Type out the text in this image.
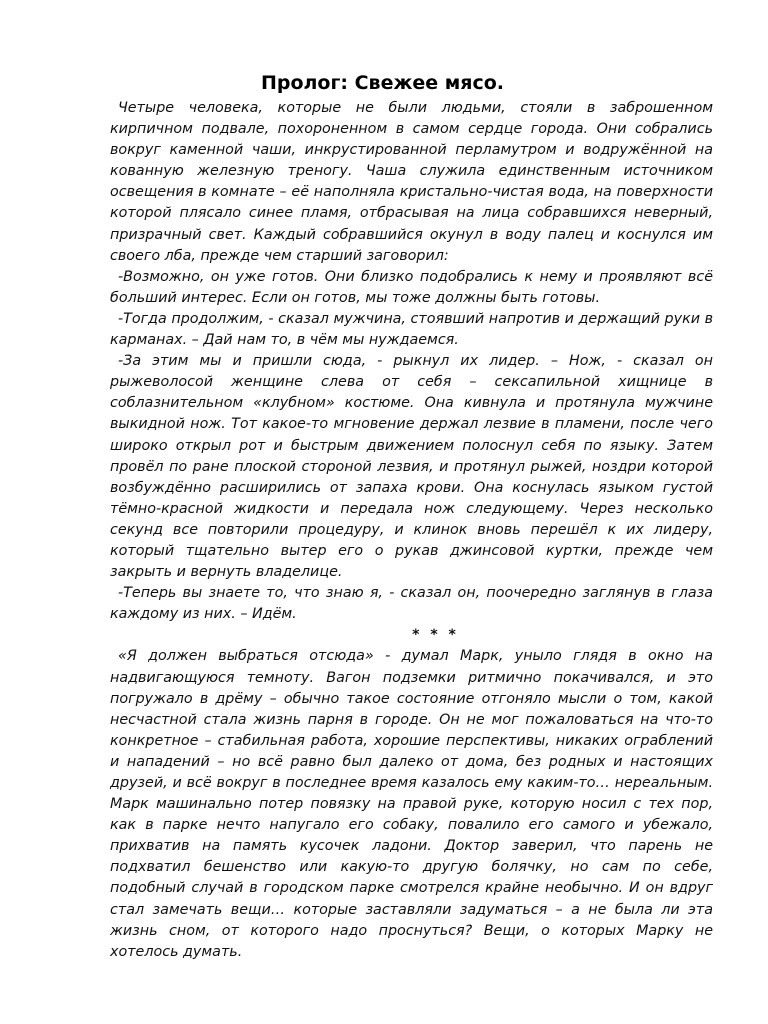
Пролог: Свежее мясо.

Четыре человека, которые не были людьми, стояли в заброшенном кирпичном подвале, похороненном в самом сердце города. Они собрались вокруг каменной чаши, инкрустированной перламутром и водружённой на кованную железную треногу. Чаша служила единственным источником освещения в комнате – её наполняла кристально-чистая вода, на поверхности которой плясало синее пламя, отбрасывая на лица собравшихся неверный, призрачный свет. Каждый собравшийся окунул в воду палец и коснулся им своего лба, прежде чем старший заговорил:

-Возможно, он уже готов. Они близко подобрались к нему и проявляют всё больший интерес. Если он готов, мы тоже должны быть готовы.

-Тогда продолжим, - сказал мужчина, стоявший напротив и держащий руки в карманах. – Дай нам то, в чём мы нуждаемся.

-За этим мы и пришли сюда, - рыкнул их лидер. – Нож, - сказал он рыжеволосой женщине слева от себя – сексапильной хищнице в соблазнительном «клубном» костюме. Она кивнула и протянула мужчине выкидной нож. Тот какое-то мгновение держал лезвие в пламени, после чего широко открыл рот и быстрым движением полоснул себя по языку. Затем провёл по ране плоской стороной лезвия, и протянул рыжей, ноздри которой возбуждённо расширились от запаха крови. Она коснулась языком густой тёмно-красной жидкости и передала нож следующему. Через несколько секунд все повторили процедуру, и клинок вновь перешёл к их лидеру, который тщательно вытер его о рукав джинсовой куртки, прежде чем закрыть и вернуть владелице.

-Теперь вы знаете то, что знаю я, - сказал он, поочередно заглянув в глаза каждому из них. – Идём.

* * *

«Я должен выбраться отсюда» - думал Марк, уныло глядя в окно на надвигающуюся темноту. Вагон подземки ритмично покачивался, и это погружало в дрёму – обычно такое состояние отгоняло мысли о том, какой несчастной стала жизнь парня в городе. Он не мог пожаловаться на что-то конкретное – стабильная работа, хорошие перспективы, никаких ограблений и нападений – но всё равно был далеко от дома, без родных и настоящих друзей, и всё вокруг в последнее время казалось ему каким-то… нереальным. Марк машинально потер повязку на правой руке, которую носил с тех пор, как в парке нечто напугало его собаку, повалило его самого и убежало, прихватив на память кусочек ладони. Доктор заверил, что парень не подхватил бешенство или какую-то другую болячку, но сам по себе, подобный случай в городском парке смотрелся крайне необычно. И он вдруг стал замечать вещи… которые заставляли задуматься – а не была ли эта жизнь сном, от которого надо проснуться? Вещи, о которых Марку не хотелось думать.
